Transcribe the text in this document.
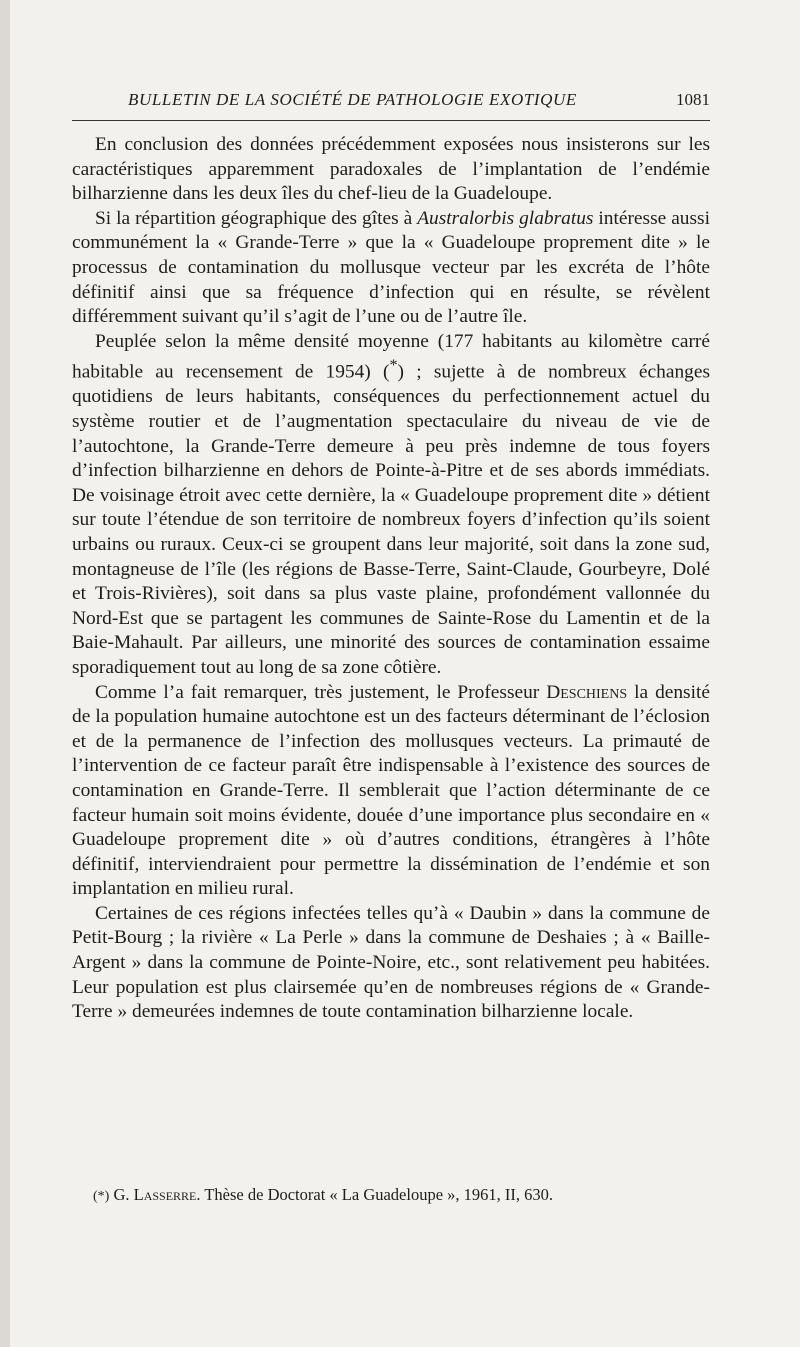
BULLETIN DE LA SOCIÉTÉ DE PATHOLOGIE EXOTIQUE	1081

En conclusion des données précédemment exposées nous insisterons sur les caractéristiques apparemment paradoxales de l’implantation de l’endémie bilharzienne dans les deux îles du chef-lieu de la Guadeloupe.

Si la répartition géographique des gîtes à Australorbis glabratus intéresse aussi communément la « Grande-Terre » que la « Guadeloupe proprement dite » le processus de contamination du mollusque vecteur par les excréta de l’hôte définitif ainsi que sa fréquence d’infection qui en résulte, se révèlent différemment suivant qu’il s’agit de l’une ou de l’autre île.

Peuplée selon la même densité moyenne (177 habitants au kilomètre carré habitable au recensement de 1954) (*) ; sujette à de nombreux échanges quotidiens de leurs habitants, conséquences du perfectionnement actuel du système routier et de l’augmentation spectaculaire du niveau de vie de l’autochtone, la Grande-Terre demeure à peu près indemne de tous foyers d’infection bilharzienne en dehors de Pointe-à-Pitre et de ses abords immédiats. De voisinage étroit avec cette dernière, la « Guadeloupe proprement dite » détient sur toute l’étendue de son territoire de nombreux foyers d’infection qu’ils soient urbains ou ruraux. Ceux-ci se groupent dans leur majorité, soit dans la zone sud, montagneuse de l’île (les régions de Basse-Terre, Saint-Claude, Gourbeyre, Dolé et Trois-Rivières), soit dans sa plus vaste plaine, profondément vallonnée du Nord-Est que se partagent les communes de Sainte-Rose du Lamentin et de la Baie-Mahault. Par ailleurs, une minorité des sources de contamination essaime sporadiquement tout au long de sa zone côtière.

Comme l’a fait remarquer, très justement, le Professeur Deschiens la densité de la population humaine autochtone est un des facteurs déterminant de l’éclosion et de la permanence de l’infection des mollusques vecteurs. La primauté de l’intervention de ce facteur paraît être indispensable à l’existence des sources de contamination en Grande-Terre. Il semblerait que l’action déterminante de ce facteur humain soit moins évidente, douée d’une importance plus secondaire en « Guadeloupe proprement dite » où d’autres conditions, étrangères à l’hôte définitif, interviendraient pour permettre la dissémination de l’endémie et son implantation en milieu rural.

Certaines de ces régions infectées telles qu’à « Daubin » dans la commune de Petit-Bourg ; la rivière « La Perle » dans la commune de Deshaies ; à « Baille-Argent » dans la commune de Pointe-Noire, etc., sont relativement peu habitées. Leur population est plus clairsemée qu’en de nombreuses régions de « Grande-Terre » demeurées indemnes de toute contamination bilharzienne locale.

(*) G. Lasserre. Thèse de Doctorat « La Guadeloupe », 1961, II, 630.
